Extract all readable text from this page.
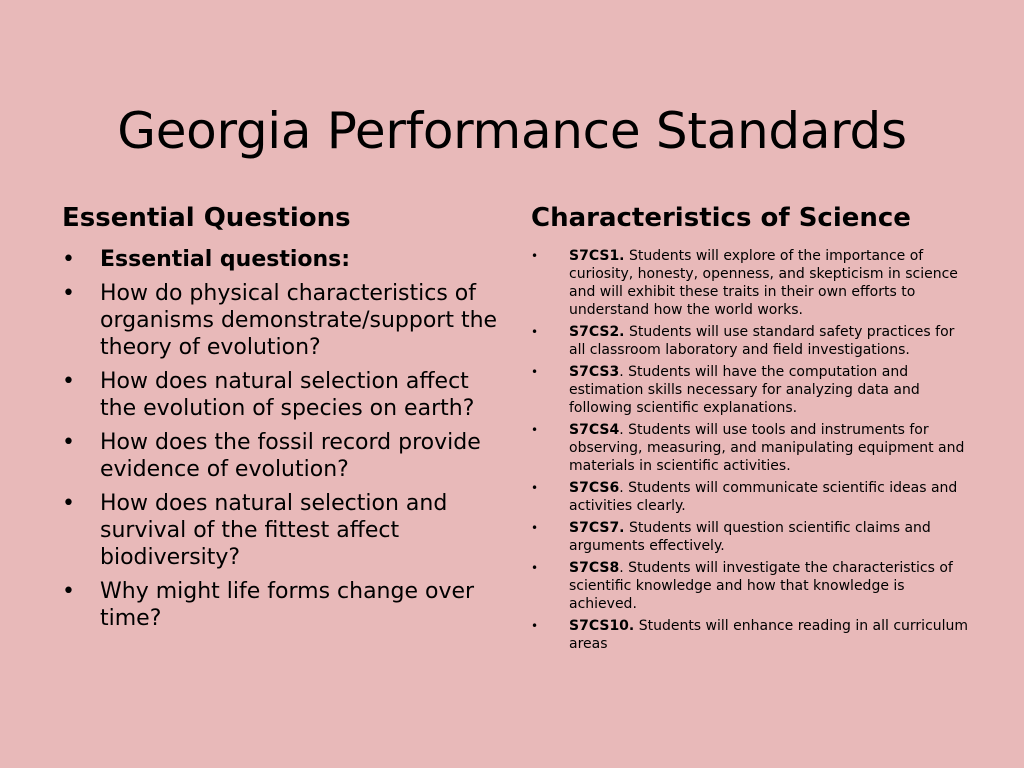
Georgia Performance Standards
Essential Questions	Characteristics of Science
•	Essential questions:
•	How do physical characteristics of organisms demonstrate/support the theory of evolution?
•	How does natural selection affect the evolution of species on earth?
•	How does the fossil record provide evidence of evolution?
•	How does natural selection and survival of the fittest affect biodiversity?
•	Why might life forms change over time?
•	S7CS1. Students will explore of the importance of curiosity, honesty, openness, and skepticism in science and will exhibit these traits in their own efforts to understand how the world works.
•	S7CS2. Students will use standard safety practices for all classroom laboratory and field investigations.
•	S7CS3. Students will have the computation and estimation skills necessary for analyzing data and following scientific explanations.
•	S7CS4. Students will use tools and instruments for observing, measuring, and manipulating equipment and materials in scientific activities.
•	S7CS6. Students will communicate scientific ideas and activities clearly.
•	S7CS7. Students will question scientific claims and arguments effectively.
•	S7CS8. Students will investigate the characteristics of scientific knowledge and how that knowledge is achieved.
•	S7CS10. Students will enhance reading in all curriculum areas
